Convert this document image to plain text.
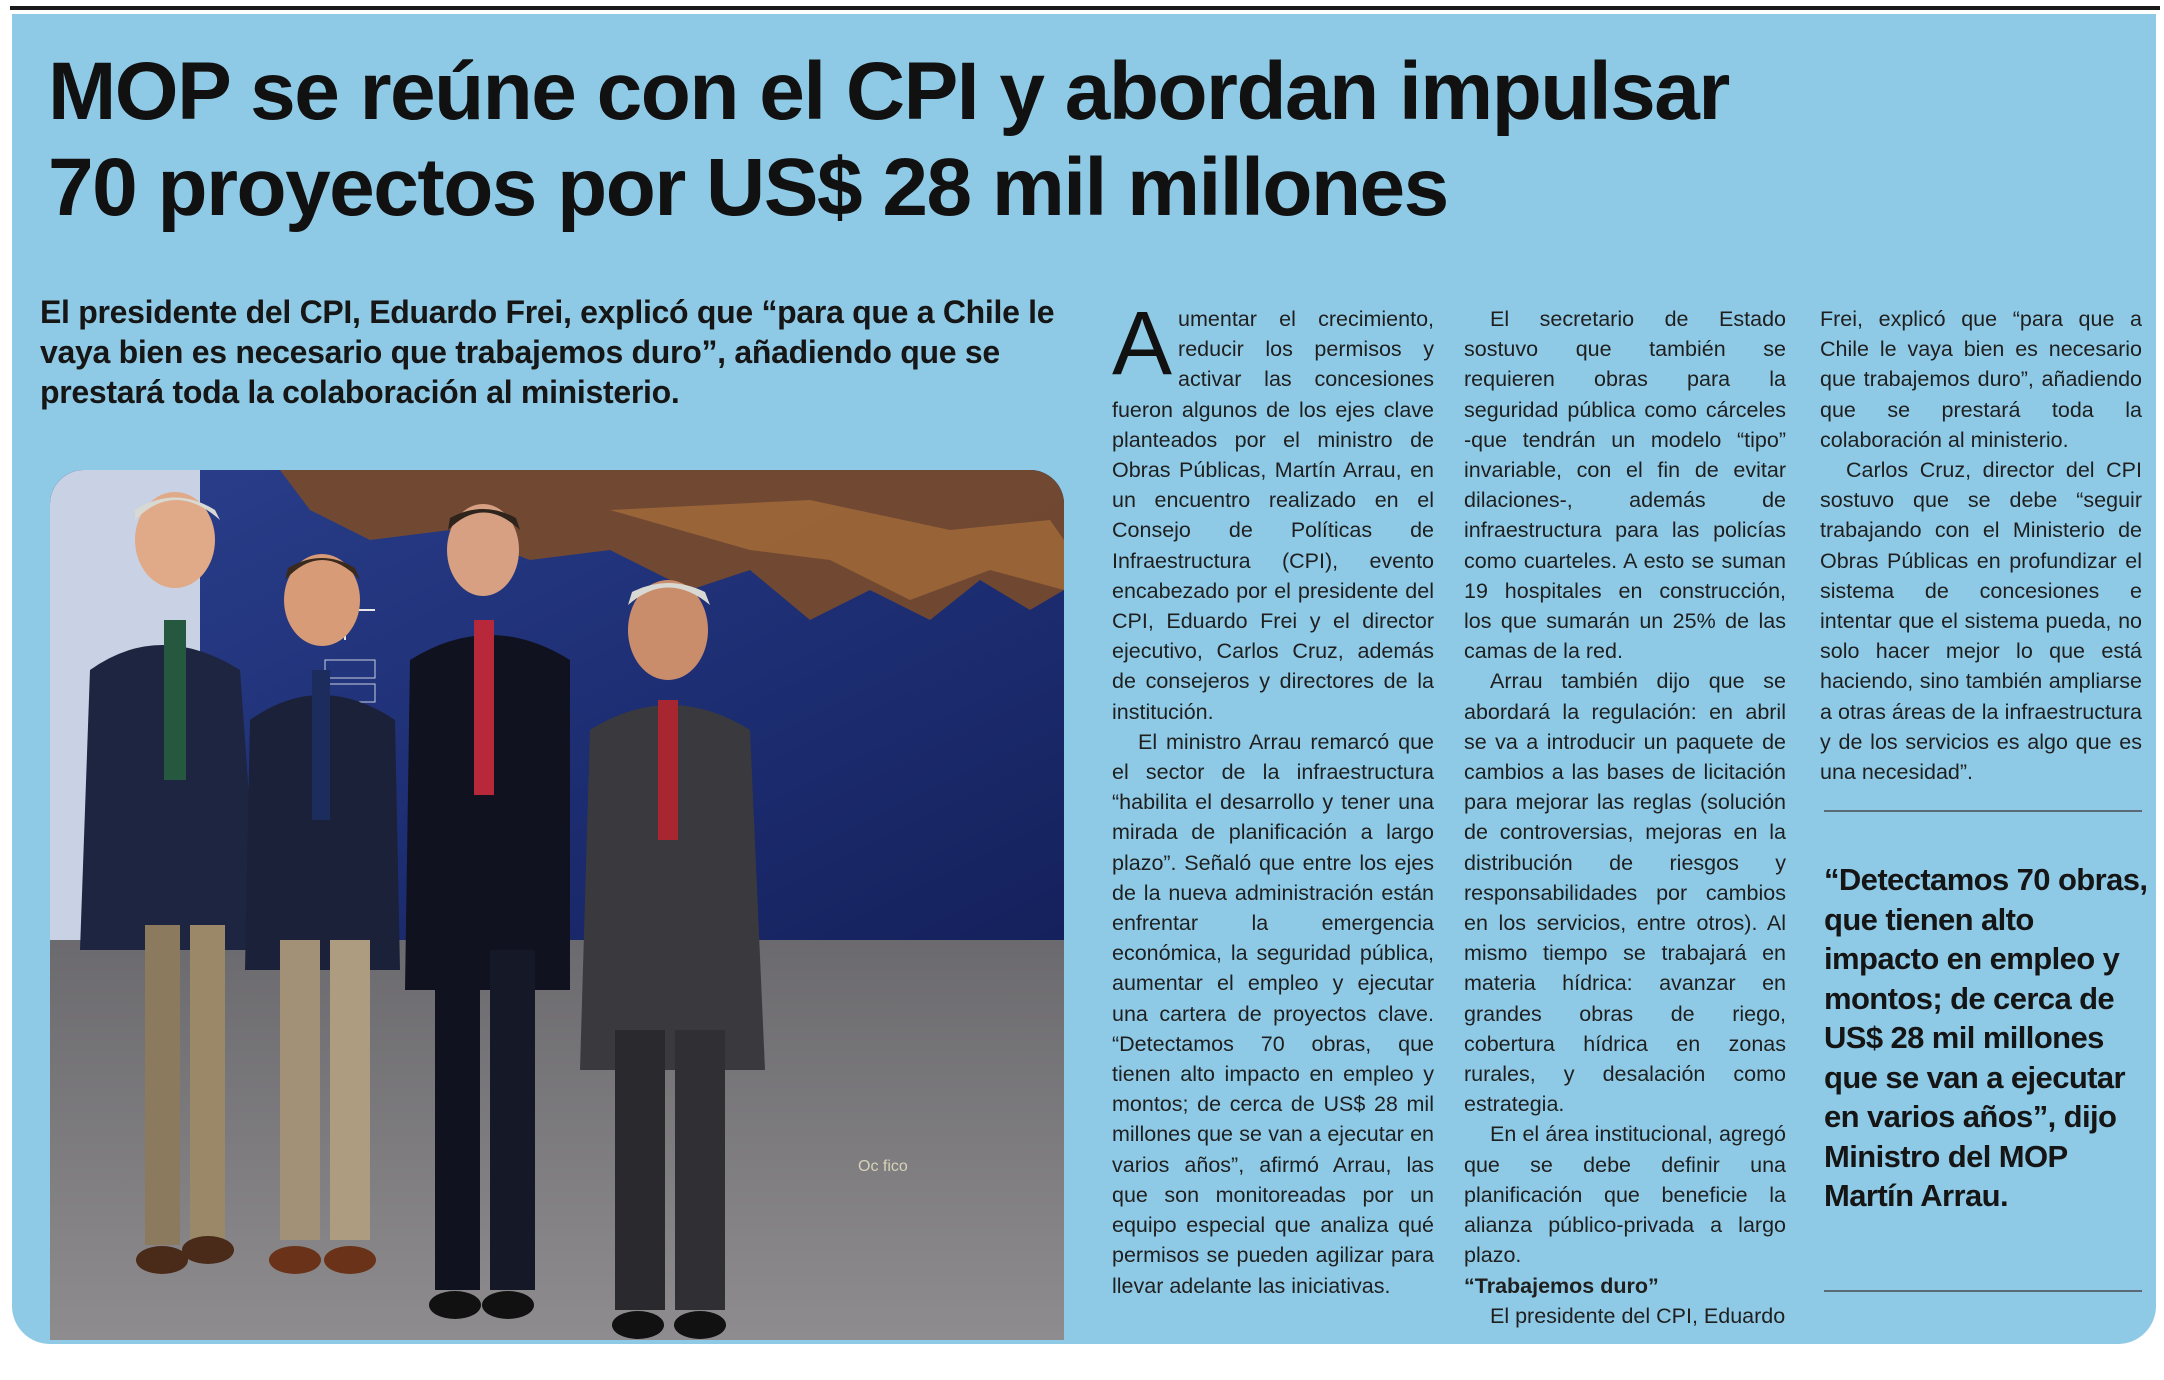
MOP se reúne con el CPI y abordan impulsar
70 proyectos por US$ 28 mil millones

El presidente del CPI, Eduardo Frei, explicó que “para que a Chile le vaya bien es necesario que trabajemos duro”, añadiendo que se prestará toda la colaboración al ministerio.

Oc fico

Aumentar el crecimiento, reducir los permisos y activar las concesiones fueron algunos de los ejes clave planteados por el ministro de Obras Públicas, Martín Arrau, en un encuentro realizado en el Consejo de Políticas de Infraestructura (CPI), evento encabezado por el presidente del CPI, Eduardo Frei y el director ejecutivo, Carlos Cruz, además de consejeros y directores de la institución.

El ministro Arrau remarcó que el sector de la infraestructura “habilita el desarrollo y tener una mirada de planificación a largo plazo”. Señaló que entre los ejes de la nueva administración están enfrentar la emergencia económica, la seguridad pública, aumentar el empleo y ejecutar una cartera de proyectos clave. “Detectamos 70 obras, que tienen alto impacto en empleo y montos; de cerca de US$ 28 mil millones que se van a ejecutar en varios años”, afirmó Arrau, las que son monitoreadas por un equipo especial que analiza qué permisos se pueden agilizar para llevar adelante las iniciativas.

El secretario de Estado sostuvo que también se requieren obras para la seguridad pública como cárceles -que tendrán un modelo “tipo” invariable, con el fin de evitar dilaciones-, además de infraestructura para las policías como cuarteles. A esto se suman 19 hospitales en construcción, los que sumarán un 25% de las camas de la red.

Arrau también dijo que se abordará la regulación: en abril se va a introducir un paquete de cambios a las bases de licitación para mejorar las reglas (solución de controversias, mejoras en la distribución de riesgos y responsabilidades por cambios en los servicios, entre otros). Al mismo tiempo se trabajará en materia hídrica: avanzar en grandes obras de riego, cobertura hídrica en zonas rurales, y desalación como estrategia.

En el área institucional, agregó que se debe definir una planificación que beneficie la alianza público-privada a largo plazo.

“Trabajemos duro”

El presidente del CPI, Eduardo

Frei, explicó que “para que a Chile le vaya bien es necesario que trabajemos duro”, añadiendo que se prestará toda la colaboración al ministerio.

Carlos Cruz, director del CPI sostuvo que se debe “seguir trabajando con el Ministerio de Obras Públicas en profundizar el sistema de concesiones e intentar que el sistema pueda, no solo hacer mejor lo que está haciendo, sino también ampliarse a otras áreas de la infraestructura y de los servicios es algo que es una necesidad”.

“Detectamos 70 obras, que tienen alto impacto en empleo y montos; de cerca de US$ 28 mil millones que se van a ejecutar en varios años”, dijo Ministro del MOP Martín Arrau.
